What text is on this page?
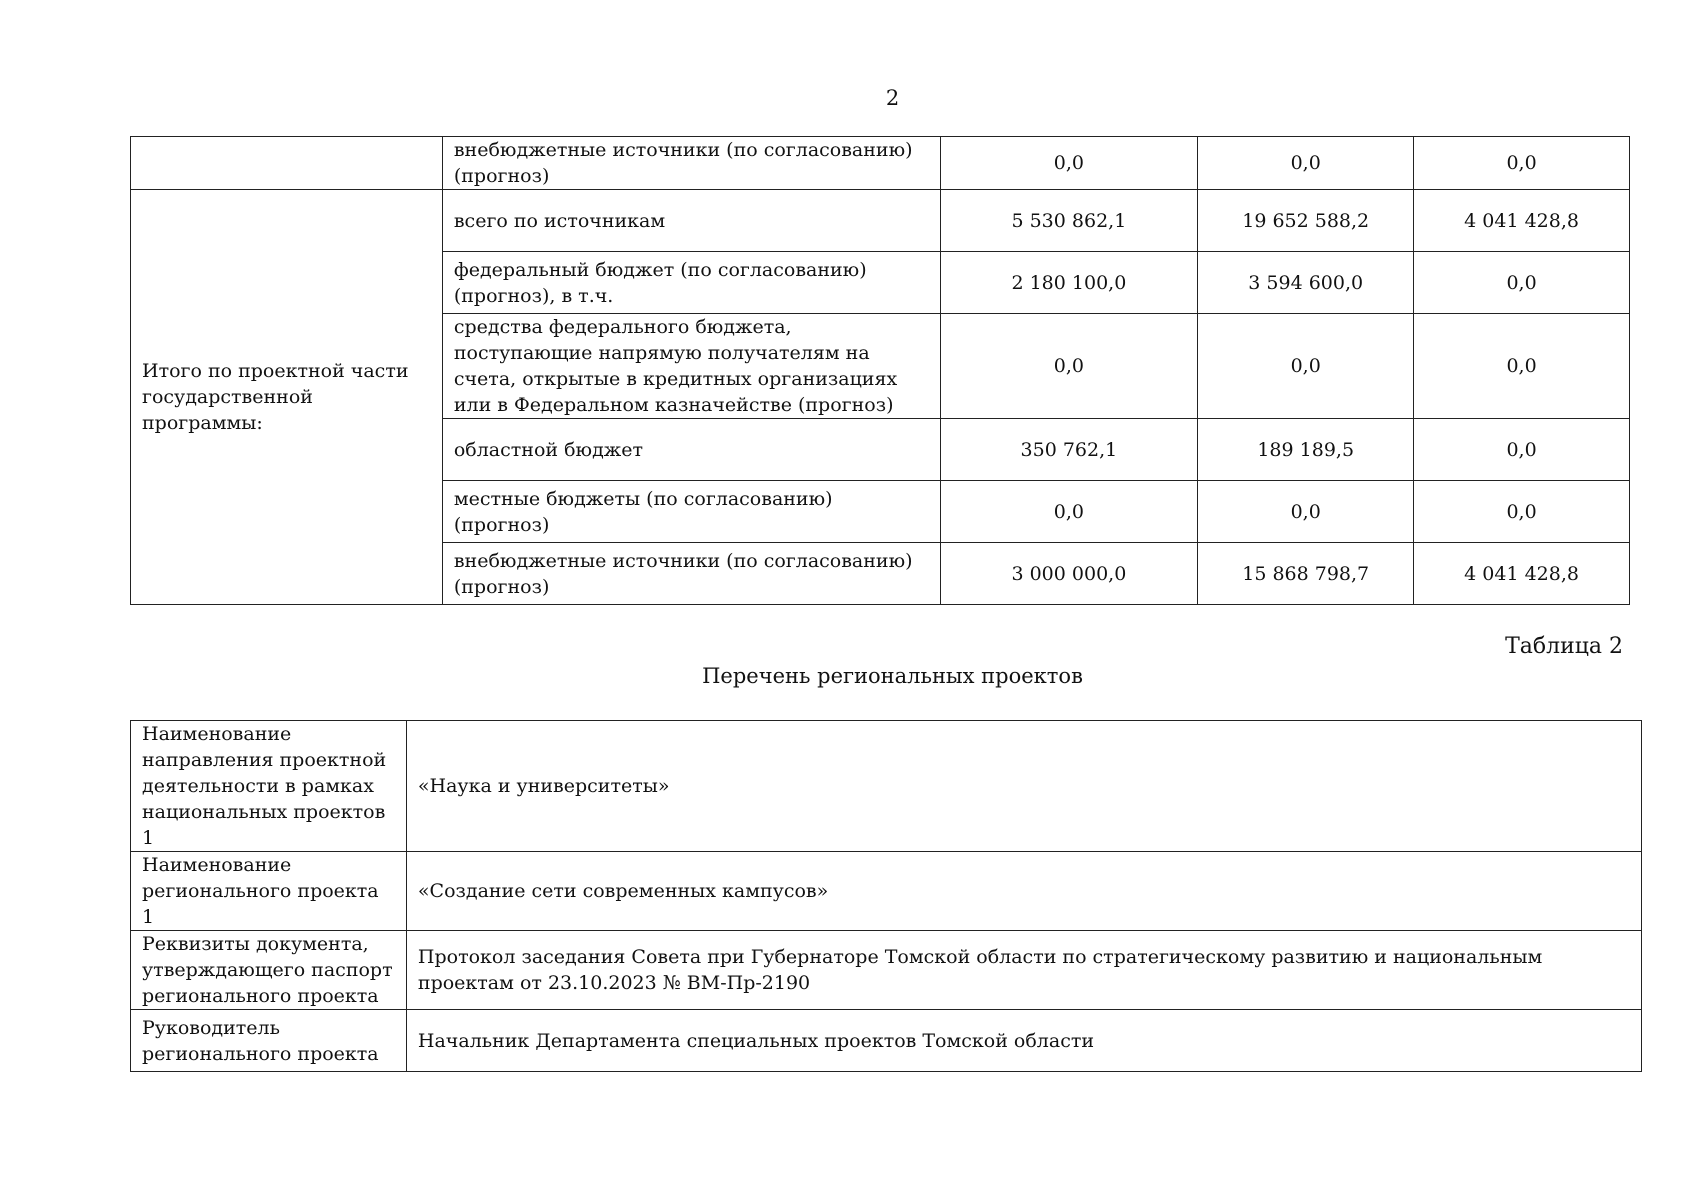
2
	внебюджетные источники (по согласованию) (прогноз)	0,0	0,0	0,0
Итого по проектной части государственной программы:	всего по источникам	5 530 862,1	19 652 588,2	4 041 428,8
	федеральный бюджет (по согласованию) (прогноз), в т.ч.	2 180 100,0	3 594 600,0	0,0
	средства федерального бюджета, поступающие напрямую получателям на счета, открытые в кредитных организациях или в Федеральном казначействе (прогноз)	0,0	0,0	0,0
	областной бюджет	350 762,1	189 189,5	0,0
	местные бюджеты (по согласованию) (прогноз)	0,0	0,0	0,0
	внебюджетные источники (по согласованию) (прогноз)	3 000 000,0	15 868 798,7	4 041 428,8
Таблица 2
Перечень региональных проектов
Наименование направления проектной деятельности в рамках национальных проектов 1	«Наука и университеты»
Наименование регионального проекта 1	«Создание сети современных кампусов»
Реквизиты документа, утверждающего паспорт регионального проекта	Протокол заседания Совета при Губернаторе Томской области по стратегическому развитию и национальным проектам от 23.10.2023 № ВМ-Пр-2190
Руководитель регионального проекта	Начальник Департамента специальных проектов Томской области
